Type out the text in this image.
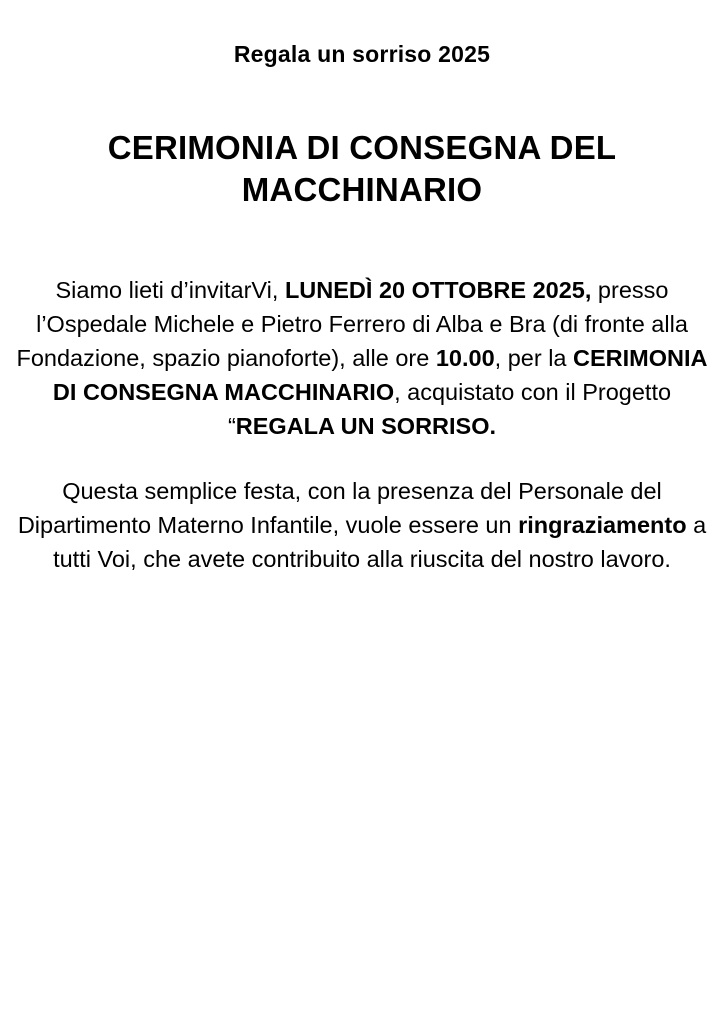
Regala un sorriso 2025
CERIMONIA DI CONSEGNA DEL MACCHINARIO

Siamo lieti d’invitarVi, LUNEDÌ 20 OTTOBRE 2025, presso l’Ospedale Michele e Pietro Ferrero di Alba e Bra (di fronte alla Fondazione, spazio pianoforte), alle ore 10.00, per la CERIMONIA DI CONSEGNA MACCHINARIO, acquistato con il Progetto “REGALA UN SORRISO.

Questa semplice festa, con la presenza del Personale del Dipartimento Materno Infantile, vuole essere un ringraziamento a tutti Voi, che avete contribuito alla riuscita del nostro lavoro.
